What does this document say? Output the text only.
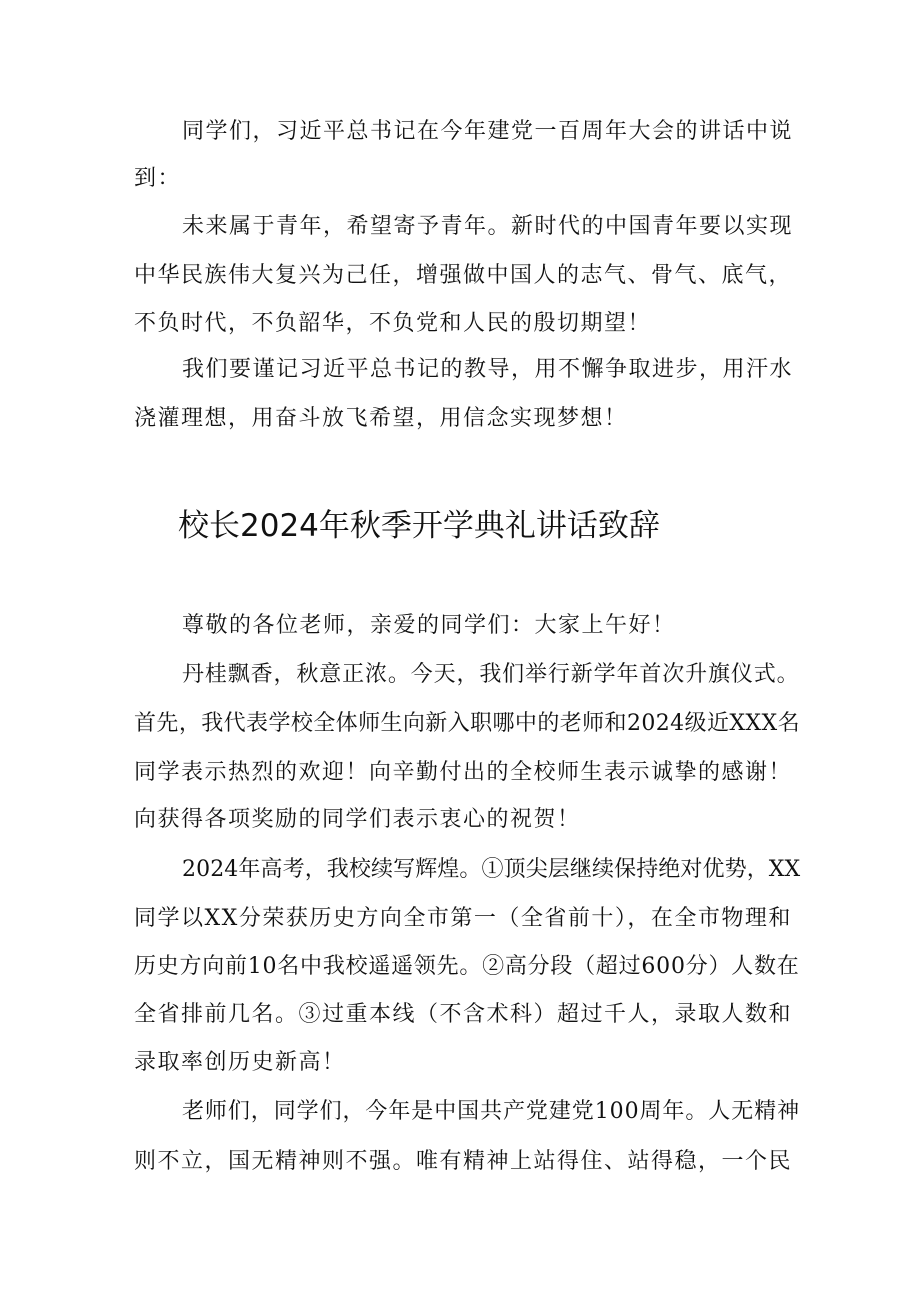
同学们，习近平总书记在今年建党一百周年大会的讲话中说

到：

未来属于青年，希望寄予青年。新时代的中国青年要以实现

中华民族伟大复兴为己任，增强做中国人的志气、骨气、底气，

不负时代，不负韶华，不负党和人民的殷切期望！

我们要谨记习近平总书记的教导，用不懈争取进步，用汗水

浇灌理想，用奋斗放飞希望，用信念实现梦想！

校长2024年秋季开学典礼讲话致辞

尊敬的各位老师，亲爱的同学们：大家上午好！

丹桂飘香，秋意正浓。今天，我们举行新学年首次升旗仪式。

首先，我代表学校全体师生向新入职哪中的老师和2024级近XXX名

同学表示热烈的欢迎！向辛勤付出的全校师生表示诚挚的感谢！

向获得各项奖励的同学们表示衷心的祝贺！

2024年高考，我校续写辉煌。①顶尖层继续保持绝对优势，XX

同学以XX分荣获历史方向全市第一（全省前十），在全市物理和

历史方向前10名中我校遥遥领先。②高分段（超过600分）人数在

全省排前几名。③过重本线（不含术科）超过千人，录取人数和

录取率创历史新高！

老师们，同学们，今年是中国共产党建党100周年。人无精神

则不立，国无精神则不强。唯有精神上站得住、站得稳，一个民
